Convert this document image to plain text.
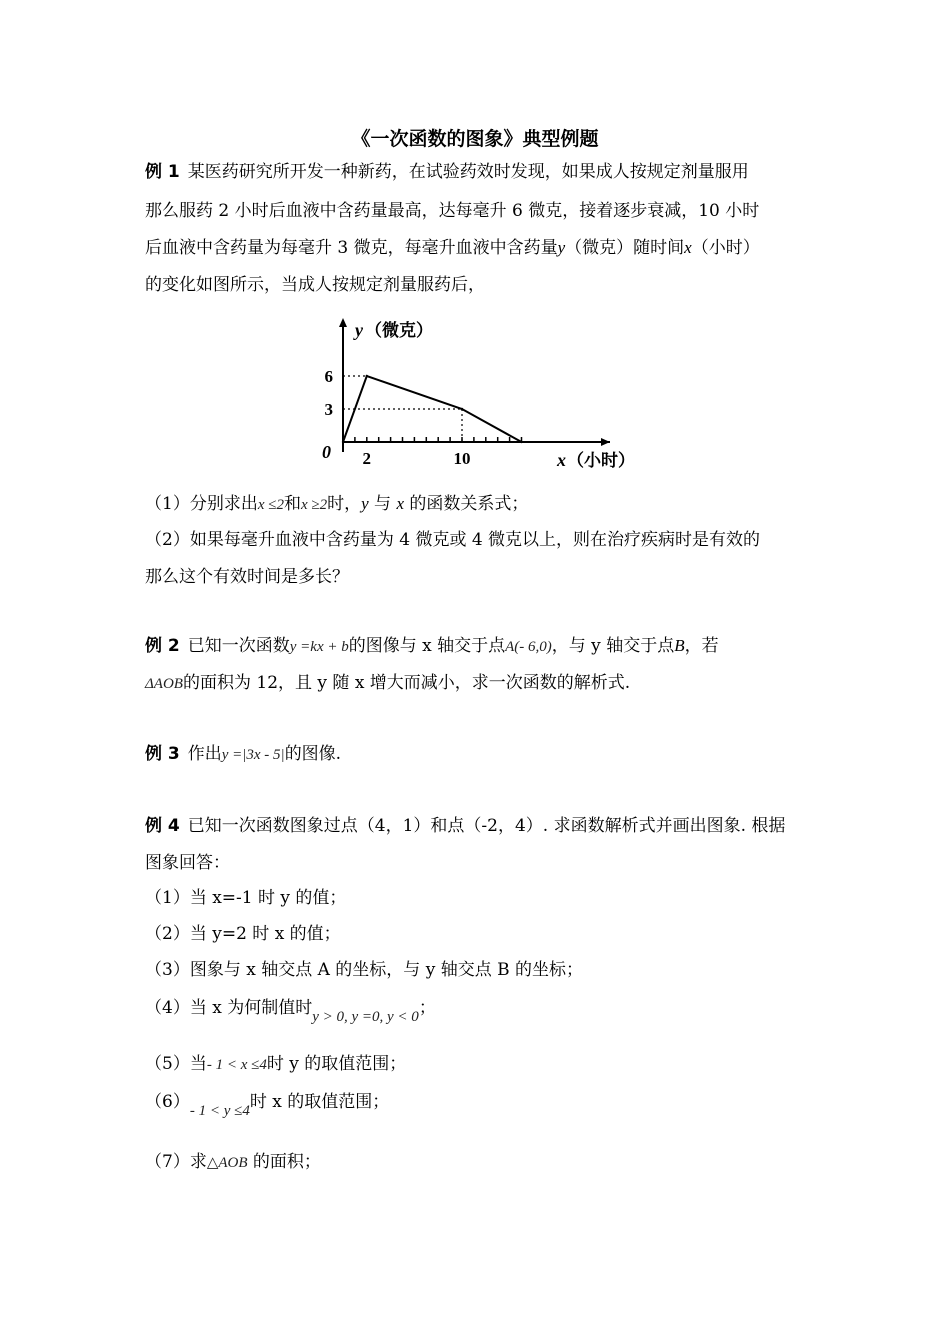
《一次函数的图象》典型例题
例 1 某医药研究所开发一种新药，在试验药效时发现，如果成人按规定剂量服用
那么服药 2 小时后血液中含药量最高，达每毫升 6 微克，接着逐步衰减，10 小时
后血液中含药量为每毫升 3 微克，每毫升血液中含药量y（微克）随时间x（小时）
的变化如图所示，当成人按规定剂量服药后，
6
3
2	10
0
y （微克）
x （小时）
（1）分别求出x ≤2和x ≥2时，y 与 x 的函数关系式；
（2）如果每毫升血液中含药量为 4 微克或 4 微克以上，则在治疗疾病时是有效的
那么这个有效时间是多长？
例 2 已知一次函数y =kx + b的图像与 x 轴交于点A(- 6,0)，与 y 轴交于点B，若
ΔAOB的面积为 12，且 y 随 x 增大而减小，求一次函数的解析式.
例 3 作出y =|3x - 5|的图像.
例 4 已知一次函数图象过点（4，1）和点（-2，4）. 求函数解析式并画出图象. 根据
图象回答：
（1）当 x=-1 时 y 的值；
（2）当 y=2 时 x 的值；
（3）图象与 x 轴交点 A 的坐标，与 y 轴交点 B 的坐标；
（4）当 x 为何制值时y > 0, y =0, y < 0；
（5）当- 1 < x ≤4时 y 的取值范围；
（6）- 1 < y ≤4时 x 的取值范围；
（7）求△AOB 的面积；
